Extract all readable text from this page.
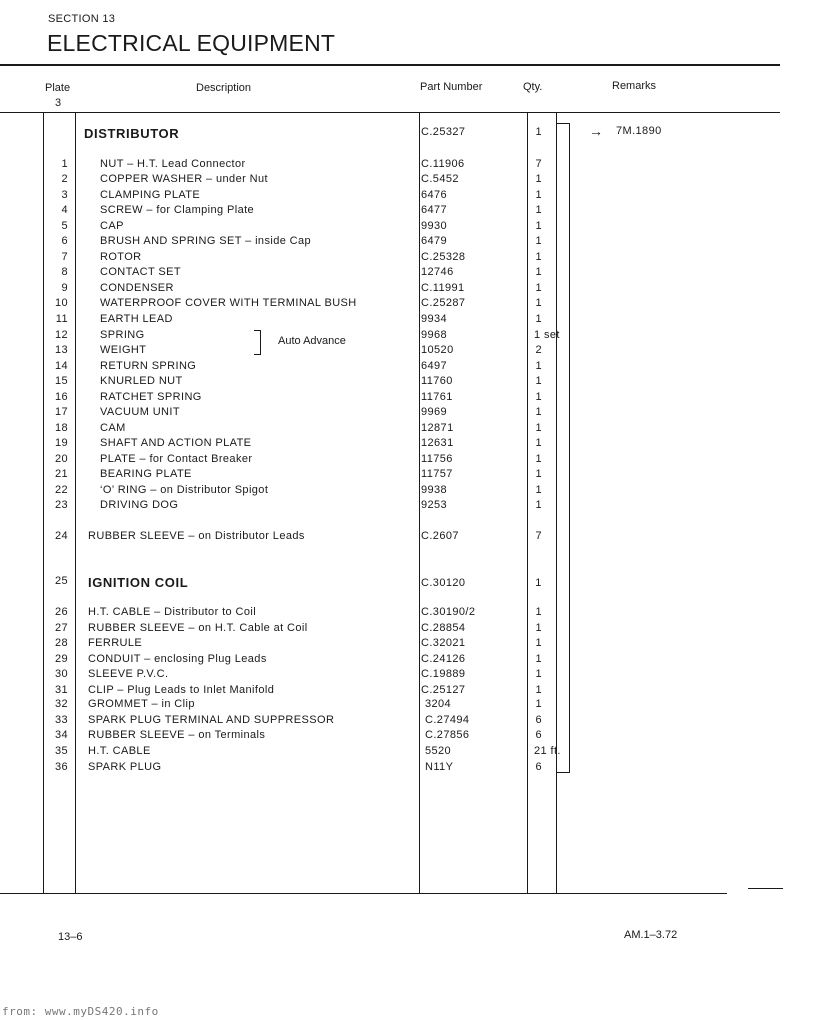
SECTION 13
ELECTRICAL EQUIPMENT
Plate
3
Description	Part Number	Qty.	Remarks
DISTRIBUTOR	C.25327	1	→ 7M.1890
1	NUT – H.T. Lead Connector	C.11906	7
2	COPPER WASHER – under Nut	C.5452	1
3	CLAMPING PLATE	6476	1
4	SCREW – for Clamping Plate	6477	1
5	CAP	9930	1
6	BRUSH AND SPRING SET – inside Cap	6479	1
7	ROTOR	C.25328	1
8	CONTACT SET	12746	1
9	CONDENSER	C.11991	1
10	WATERPROOF COVER WITH TERMINAL BUSH	C.25287	1
11	EARTH LEAD	9934	1
12	SPRING	9968	1 set
13	WEIGHT	10520	2
14	RETURN SPRING	6497	1
15	KNURLED NUT	11760	1
16	RATCHET SPRING	11761	1
17	VACUUM UNIT	9969	1
18	CAM	12871	1
19	SHAFT AND ACTION PLATE	12631	1
20	PLATE – for Contact Breaker	11756	1
21	BEARING PLATE	11757	1
22	‘O’ RING – on Distributor Spigot	9938	1
23	DRIVING DOG	9253	1
24 RUBBER SLEEVE – on Distributor Leads	C.2607	7
25 IGNITION COIL	C.30120	1
26 H.T. CABLE – Distributor to Coil	C.30190/2	1
27 RUBBER SLEEVE – on H.T. Cable at Coil	C.28854	1
28 FERRULE	C.32021	1
29 CONDUIT – enclosing Plug Leads	C.24126	1
30 SLEEVE P.V.C.	C.19889	1
31 CLIP – Plug Leads to Inlet Manifold	C.25127	1
32 GROMMET – in Clip	3204	1
33 SPARK PLUG TERMINAL AND SUPPRESSOR	C.27494	6
34 RUBBER SLEEVE – on Terminals	C.27856	6
35 H.T. CABLE	5520	21 ft.
36 SPARK PLUG	N11Y	6
Auto Advance
13–6	AM.1–3.72
from: www.myDS420.info
